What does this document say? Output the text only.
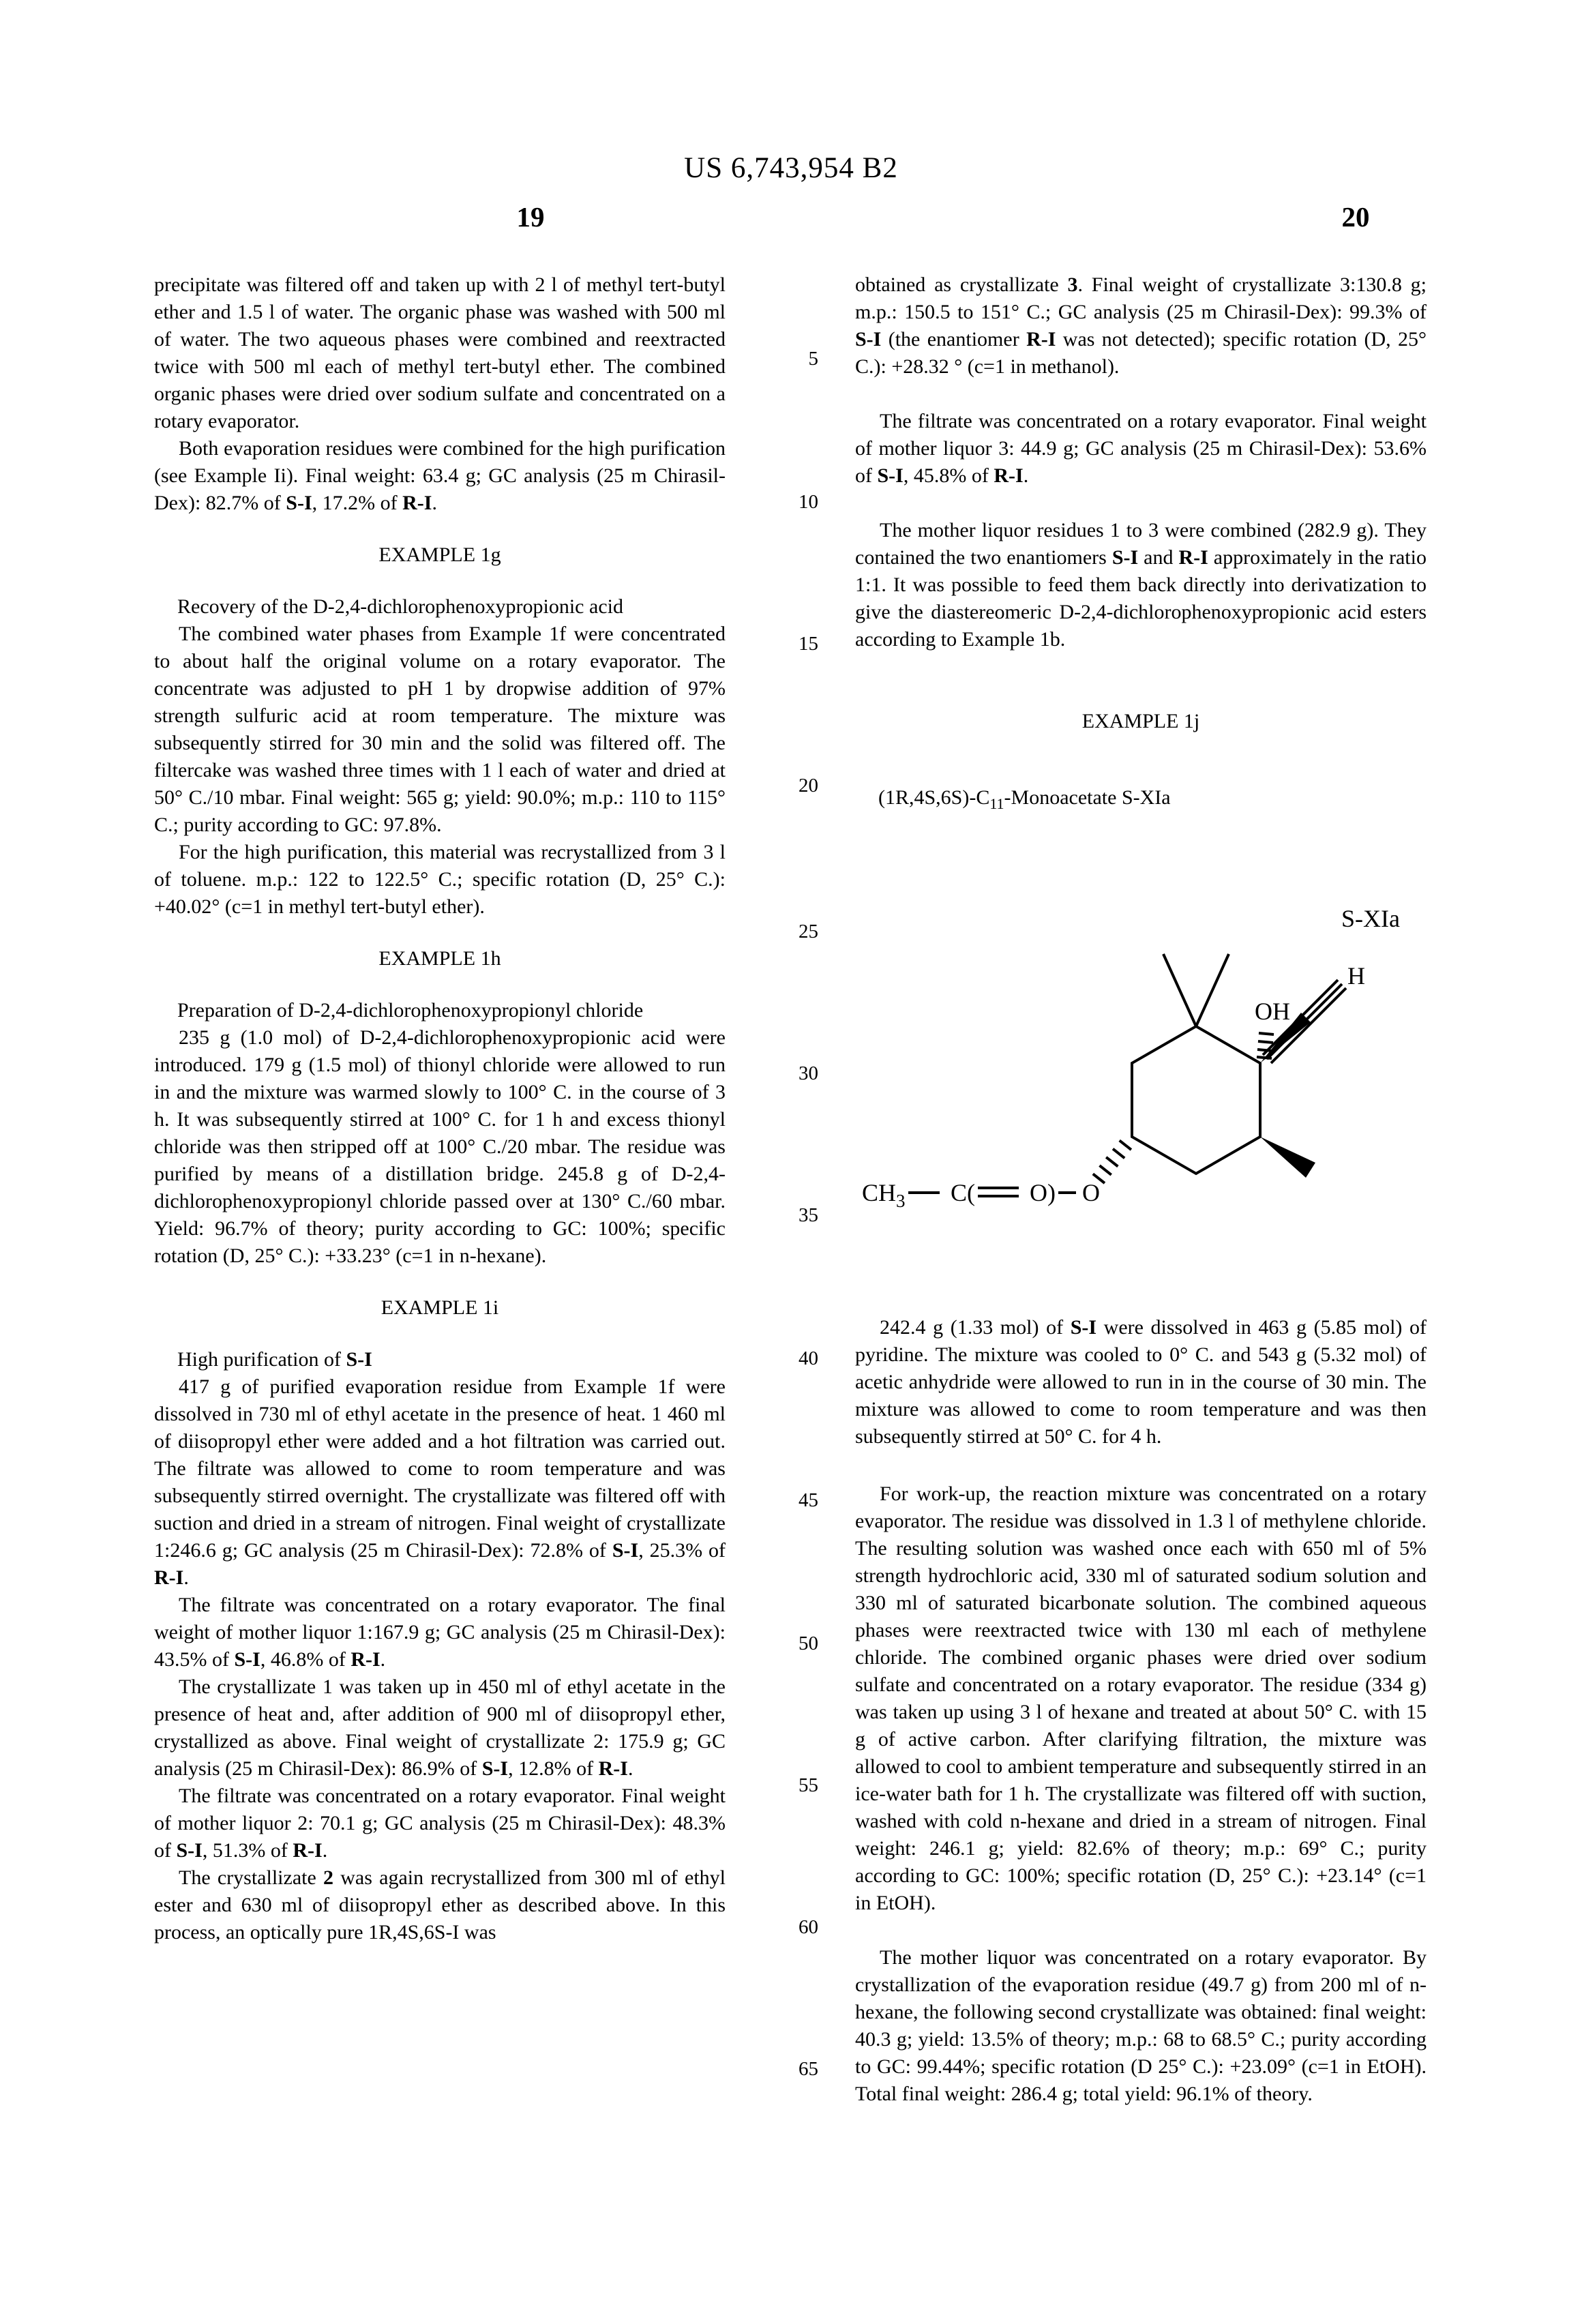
US 6,743,954 B2
19	20

precipitate was filtered off and taken up with 2 l of methyl tert-butyl ether and 1.5 l of water. The organic phase was washed with 500 ml of water. The two aqueous phases were combined and reextracted twice with 500 ml each of methyl tert-butyl ether. The combined organic phases were dried over sodium sulfate and concentrated on a rotary evaporator.

Both evaporation residues were combined for the high purification (see Example Ii). Final weight: 63.4 g; GC analysis (25 m Chirasil-Dex): 82.7% of S-I, 17.2% of R-I.

EXAMPLE 1g
Recovery of the D-2,4-dichlorophenoxypropionic acid

The combined water phases from Example 1f were concentrated to about half the original volume on a rotary evaporator. The concentrate was adjusted to pH 1 by dropwise addition of 97% strength sulfuric acid at room temperature. The mixture was subsequently stirred for 30 min and the solid was filtered off. The filtercake was washed three times with 1 l each of water and dried at 50° C./10 mbar. Final weight: 565 g; yield: 90.0%; m.p.: 110 to 115° C.; purity according to GC: 97.8%.

For the high purification, this material was recrystallized from 3 l of toluene. m.p.: 122 to 122.5° C.; specific rotation (D, 25° C.): +40.02° (c=1 in methyl tert-butyl ether).

EXAMPLE 1h
Preparation of D-2,4-dichlorophenoxypropionyl chloride

235 g (1.0 mol) of D-2,4-dichlorophenoxypropionic acid were introduced. 179 g (1.5 mol) of thionyl chloride were allowed to run in and the mixture was warmed slowly to 100° C. in the course of 3 h. It was subsequently stirred at 100° C. for 1 h and excess thionyl chloride was then stripped off at 100° C./20 mbar. The residue was purified by means of a distillation bridge. 245.8 g of D-2,4-dichlorophenoxypropionyl chloride passed over at 130° C./60 mbar. Yield: 96.7% of theory; purity according to GC: 100%; specific rotation (D, 25° C.): +33.23° (c=1 in n-hexane).

EXAMPLE 1i
High purification of S-I

417 g of purified evaporation residue from Example 1f were dissolved in 730 ml of ethyl acetate in the presence of heat. 1 460 ml of diisopropyl ether were added and a hot filtration was carried out. The filtrate was allowed to come to room temperature and was subsequently stirred overnight. The crystallizate was filtered off with suction and dried in a stream of nitrogen. Final weight of crystallizate 1:246.6 g; GC analysis (25 m Chirasil-Dex): 72.8% of S-I, 25.3% of R-I.

The filtrate was concentrated on a rotary evaporator. The final weight of mother liquor 1:167.9 g; GC analysis (25 m Chirasil-Dex): 43.5% of S-I, 46.8% of R-I.

The crystallizate 1 was taken up in 450 ml of ethyl acetate in the presence of heat and, after addition of 900 ml of diisopropyl ether, crystallized as above. Final weight of crystallizate 2: 175.9 g; GC analysis (25 m Chirasil-Dex): 86.9% of S-I, 12.8% of R-I.

The filtrate was concentrated on a rotary evaporator. Final weight of mother liquor 2: 70.1 g; GC analysis (25 m Chirasil-Dex): 48.3% of S-I, 51.3% of R-I.

The crystallizate 2 was again recrystallized from 300 ml of ethyl ester and 630 ml of diisopropyl ether as described above. In this process, an optically pure 1R,4S,6S-I was

obtained as crystallizate 3. Final weight of crystallizate 3:130.8 g; m.p.: 150.5 to 151° C.; GC analysis (25 m Chirasil-Dex): 99.3% of S-I (the enantiomer R-I was not detected); specific rotation (D, 25° C.): +28.32 ° (c=1 in methanol).

The filtrate was concentrated on a rotary evaporator. Final weight of mother liquor 3: 44.9 g; GC analysis (25 m Chirasil-Dex): 53.6% of S-I, 45.8% of R-I.

The mother liquor residues 1 to 3 were combined (282.9 g). They contained the two enantiomers S-I and R-I approximately in the ratio 1:1. It was possible to feed them back directly into derivatization to give the diastereomeric D-2,4-dichlorophenoxypropionic acid esters according to Example 1b.

EXAMPLE 1j
$(1R,4S,6S)-C_{11}$-Monoacetate S-XIa
S-XIa
OH
H
O
O)
C(
$CH_3$

242.4 g (1.33 mol) of S-I were dissolved in 463 g (5.85 mol) of pyridine. The mixture was cooled to 0° C. and 543 g (5.32 mol) of acetic anhydride were allowed to run in in the course of 30 min. The mixture was allowed to come to room temperature and was then subsequently stirred at 50° C. for 4 h.

For work-up, the reaction mixture was concentrated on a rotary evaporator. The residue was dissolved in 1.3 l of methylene chloride. The resulting solution was washed once each with 650 ml of 5% strength hydrochloric acid, 330 ml of saturated sodium solution and 330 ml of saturated bicarbonate solution. The combined aqueous phases were reextracted twice with 130 ml each of methylene chloride. The combined organic phases were dried over sodium sulfate and concentrated on a rotary evaporator. The residue (334 g) was taken up using 3 l of hexane and treated at about 50° C. with 15 g of active carbon. After clarifying filtration, the mixture was allowed to cool to ambient temperature and subsequently stirred in an ice-water bath for 1 h. The crystallizate was filtered off with suction, washed with cold n-hexane and dried in a stream of nitrogen. Final weight: 246.1 g; yield: 82.6% of theory; m.p.: 69° C.; purity according to GC: 100%; specific rotation (D, 25° C.): +23.14° (c=1 in EtOH).

The mother liquor was concentrated on a rotary evaporator. By crystallization of the evaporation residue (49.7 g) from 200 ml of n-hexane, the following second crystallizate was obtained: final weight: 40.3 g; yield: 13.5% of theory; m.p.: 68 to 68.5° C.; purity according to GC: 99.44%; specific rotation (D 25° C.): +23.09° (c=1 in EtOH). Total final weight: 286.4 g; total yield: 96.1% of theory.

5
10
15
20
25
30
35
40
45
50
55
60
65
